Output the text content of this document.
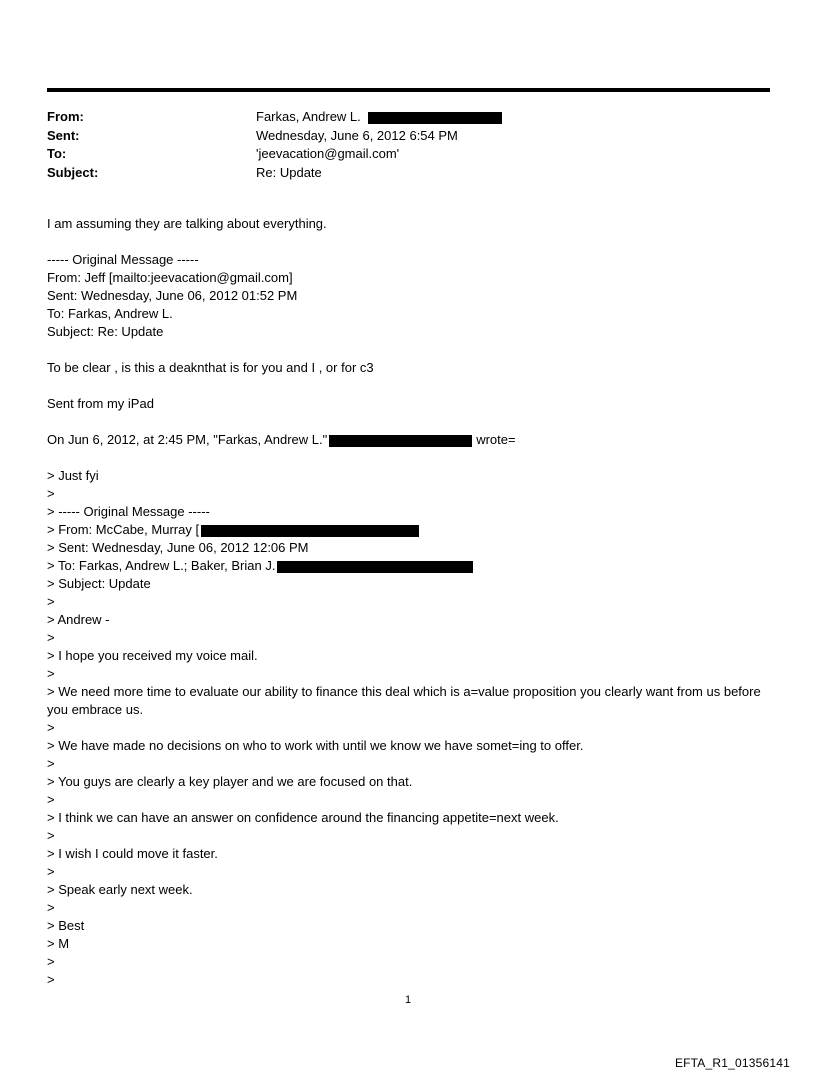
From:	Farkas, Andrew L.
Sent:	Wednesday, June 6, 2012 6:54 PM
To:	'jeevacation@gmail.com'
Subject:	Re: Update
I am assuming they are talking about everything.
----- Original Message -----
From: Jeff [mailto:jeevacation@gmail.com]
Sent: Wednesday, June 06, 2012 01:52 PM
To: Farkas, Andrew L.
Subject: Re: Update
To be clear , is this a deaknthat is for you and I , or for c3
Sent from my iPad
On Jun 6, 2012, at 2:45 PM, "Farkas, Andrew L."	wrote=
> Just fyi
>
> ----- Original Message -----
> From: McCabe, Murray [
> Sent: Wednesday, June 06, 2012 12:06 PM
> To: Farkas, Andrew L.; Baker, Brian J.
> Subject: Update
>
> Andrew -
>
> I hope you received my voice mail.
>
> We need more time to evaluate our ability to finance this deal which is a=value proposition you clearly want from us before you embrace us.
>
> We have made no decisions on who to work with until we know we have somet=ing to offer.
>
> You guys are clearly a key player and we are focused on that.
>
> I think we can have an answer on confidence around the financing appetite=next week.
>
> I wish I could move it faster.
>
> Speak early next week.
>
> Best
> M
>
>
1
EFTA_R1_01356141
